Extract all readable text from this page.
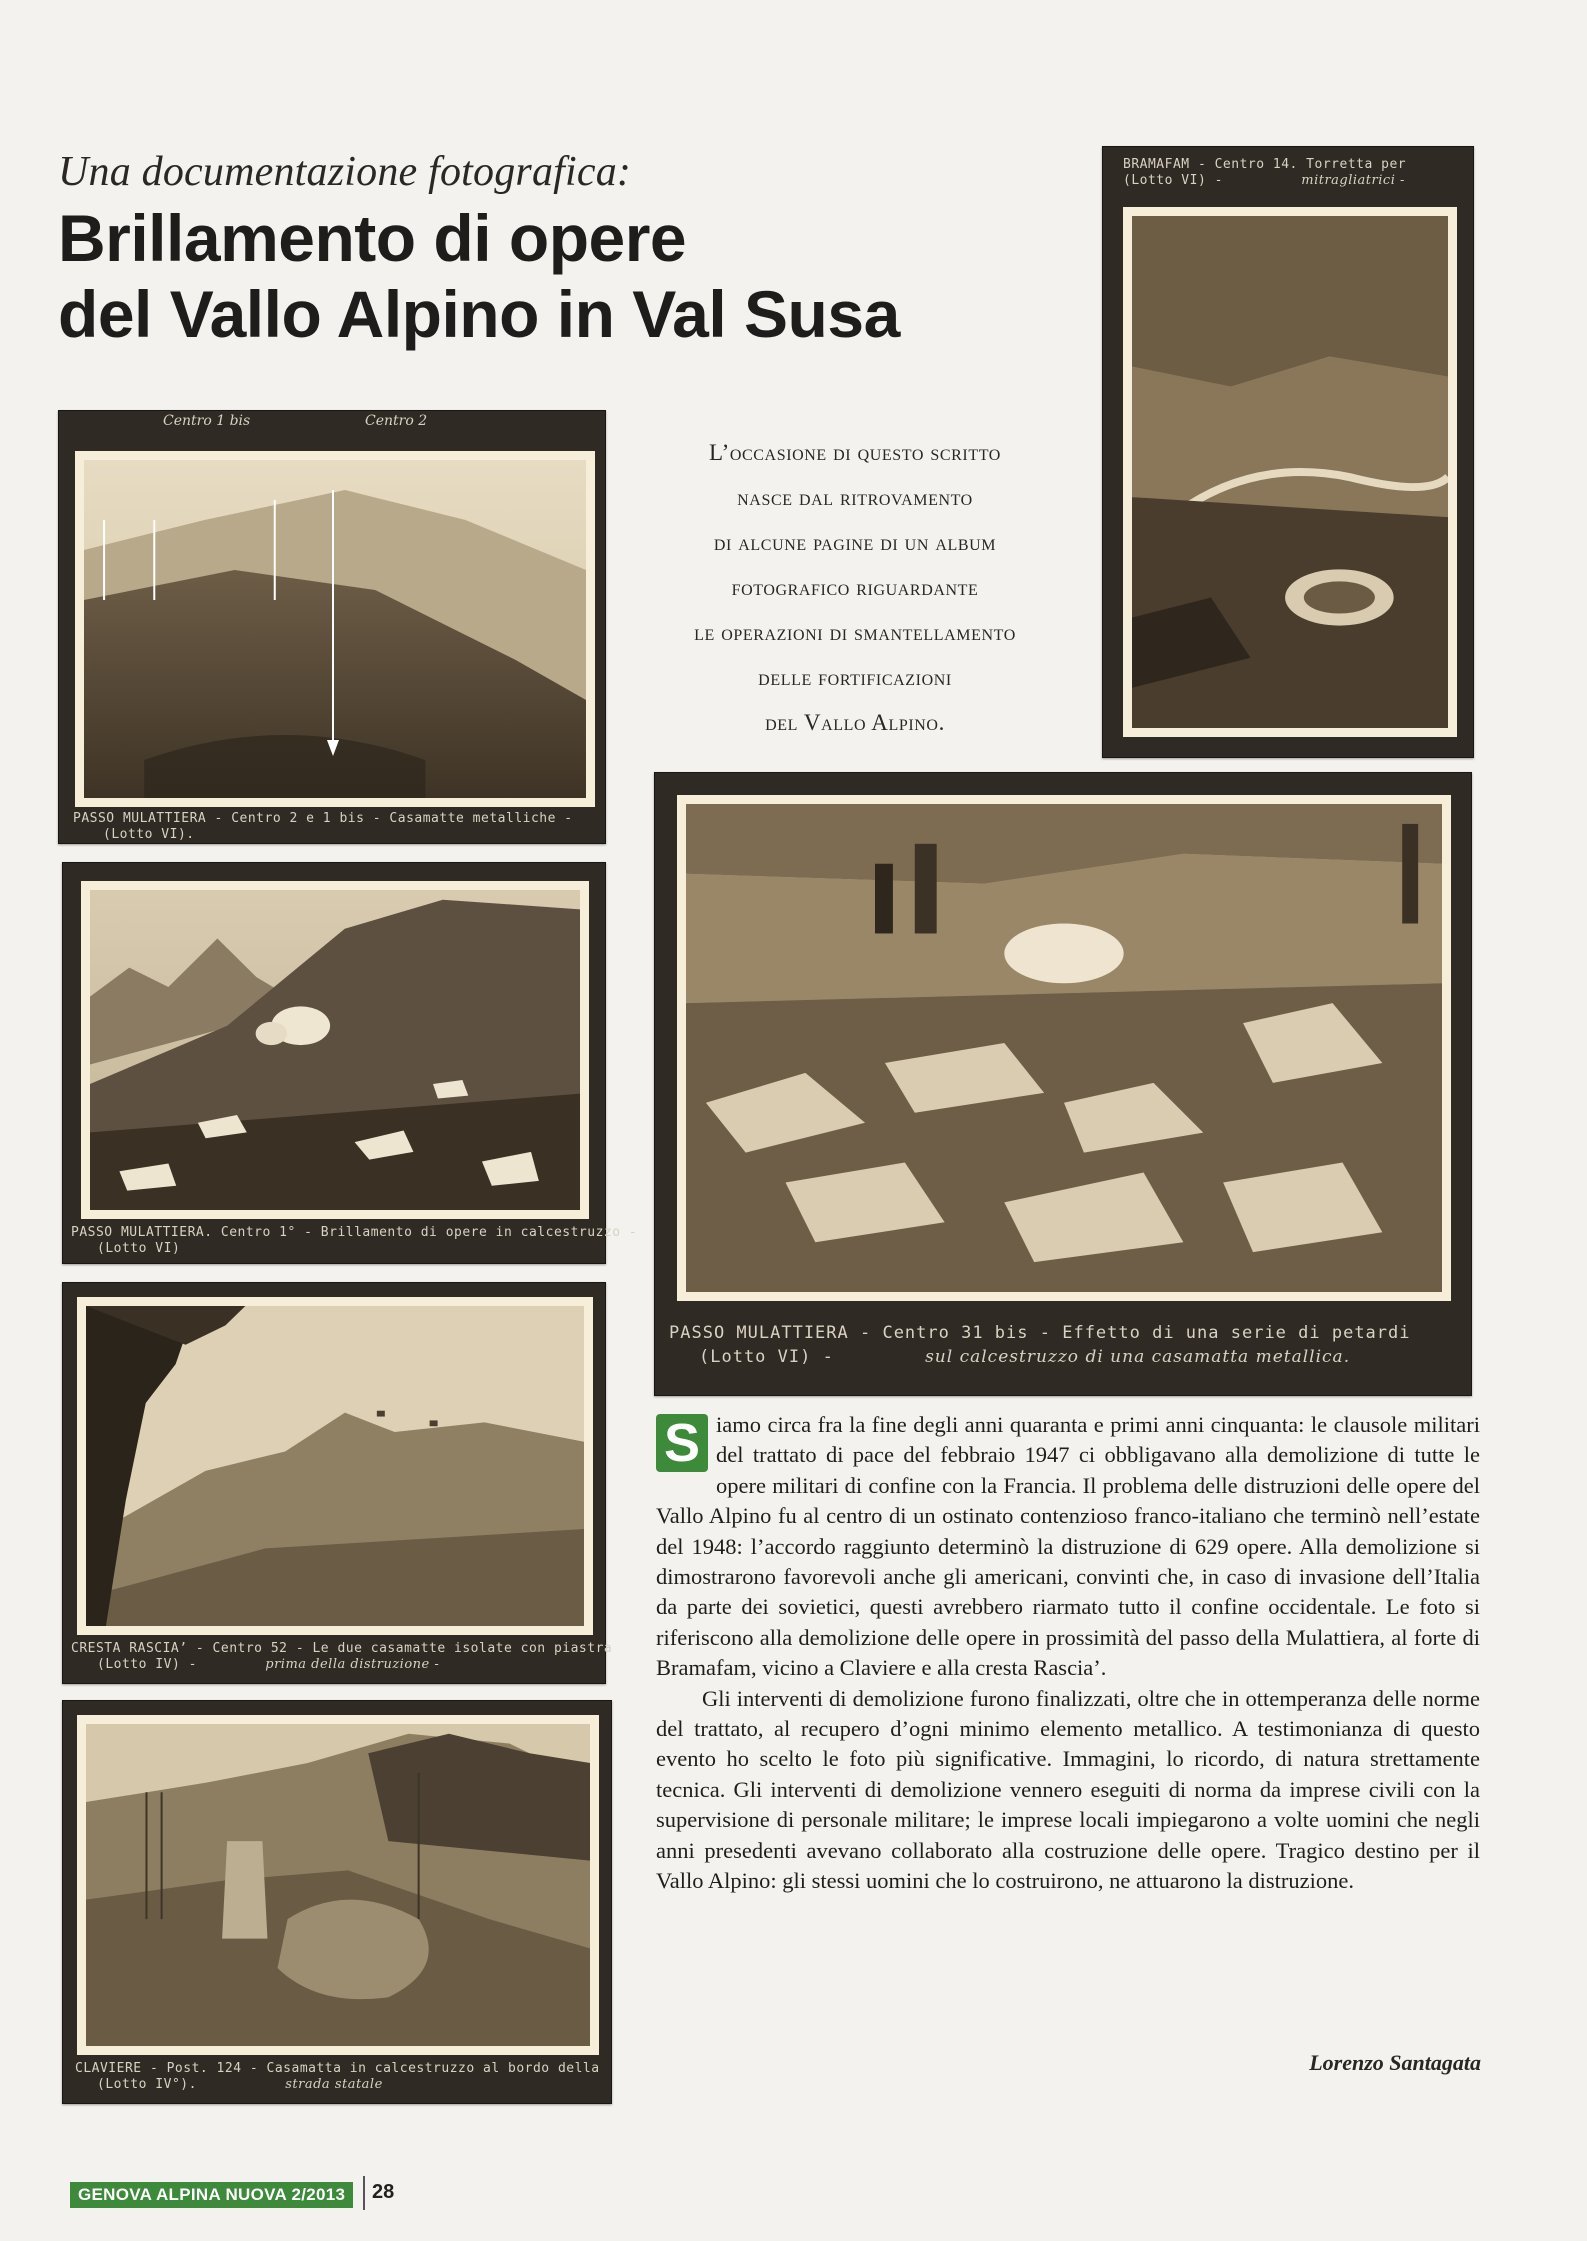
Una documentazione fotografica:
Brillamento di opere
del Vallo Alpino in Val Susa
Centro 1 bis	Centro 2
PASSO MULATTIERA - Centro 2 e 1 bis - Casamatte metalliche -
(Lotto VI).
PASSO MULATTIERA. Centro 1° - Brillamento di opere in calcestruzzo -
(Lotto VI)
CRESTA RASCIA’ - Centro 52 - Le due casamatte isolate con piastra
(Lotto IV) -	prima della distruzione -
CLAVIERE - Post. 124 - Casamatta in calcestruzzo al bordo della
(Lotto IV°).	strada statale
BRAMAFAM - Centro 14. Torretta per
(Lotto VI) -	mitragliatrici -
PASSO MULATTIERA - Centro 31 bis - Effetto di una serie di petardi
(Lotto VI) -	sul calcestruzzo di una casamatta metallica.
L’occasione di questo scritto
nasce dal ritrovamento
di alcune pagine di un album
fotografico riguardante
le operazioni di smantellamento
delle fortificazioni
del Vallo Alpino.

S iamo circa fra la fine degli anni quaranta e primi anni cinquanta: le clausole militari del trattato di pace del febbraio 1947 ci obbligavano alla demolizione di tutte le opere militari di confine con la Francia. Il problema delle distruzioni delle opere del Vallo Alpino fu al centro di un ostinato contenzioso franco-italiano che terminò nell’estate del 1948: l’accordo raggiunto determinò la distruzione di 629 opere. Alla demolizione si dimostrarono favorevoli anche gli americani, convinti che, in caso di invasione dell’Italia da parte dei sovietici, questi avrebbero riarmato tutto il confine occidentale. Le foto si riferiscono alla demolizione delle opere in prossimità del passo della Mulattiera, al forte di Bramafam, vicino a Claviere e alla cresta Rascia’.

Gli interventi di demolizione furono finalizzati, oltre che in ottemperanza delle norme del trattato, al recupero d’ogni minimo elemento metallico. A testimonianza di questo evento ho scelto le foto più significative. Immagini, lo ricordo, di natura strettamente tecnica. Gli interventi di demolizione vennero eseguiti di norma da imprese civili con la supervisione di personale militare; le imprese locali impiegarono a volte uomini che negli anni presedenti avevano collaborato alla costruzione delle opere. Tragico destino per il Vallo Alpino: gli stessi uomini che lo costruirono, ne attuarono la distruzione.

Lorenzo Santagata
GENOVA ALPINA NUOVA 2/2013	28
